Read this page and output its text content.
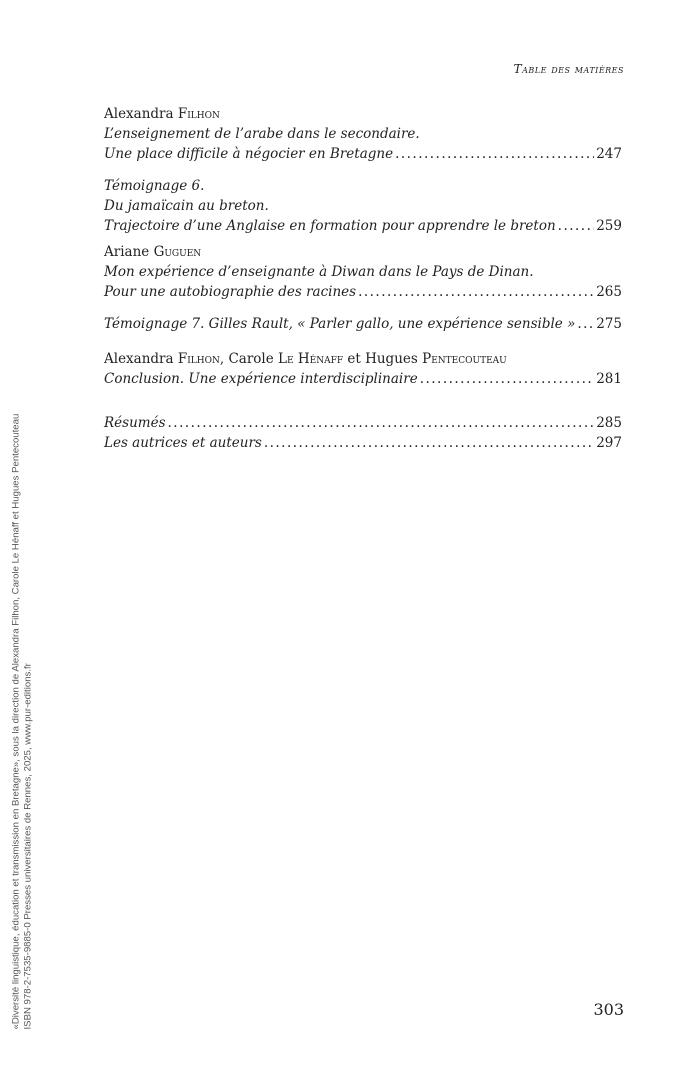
Table des matières
Alexandra Filhon
L’enseignement de l’arabe dans le secondaire.
Une place difficile à négocier en Bretagne . . .	247
Témoignage 6.
Du jamaïcain au breton.
Trajectoire d’une Anglaise en formation pour apprendre le breton . . .	259
Ariane Guguen
Mon expérience d’enseignante à Diwan dans le Pays de Dinan.
Pour une autobiographie des racines . . .	265
Témoignage 7. Gilles Rault, « Parler gallo, une expérience sensible » . . . 275
Alexandra Filhon, Carole Le Hénaff et Hugues Pentecouteau
Conclusion. Une expérience interdisciplinaire . . .	281
Résumés . . .	285
Les autrices et auteurs . . .	297
«Diversité linguistique, éducation et transmission en Bretagne», sous la direction de Alexandra Filhon, Carole Le Hénaff et Hugues Pentecouteau ISBN 978-2-7535-9885-0 Presses universitaires de Rennes, 2025, www.pur-editions.fr	303
